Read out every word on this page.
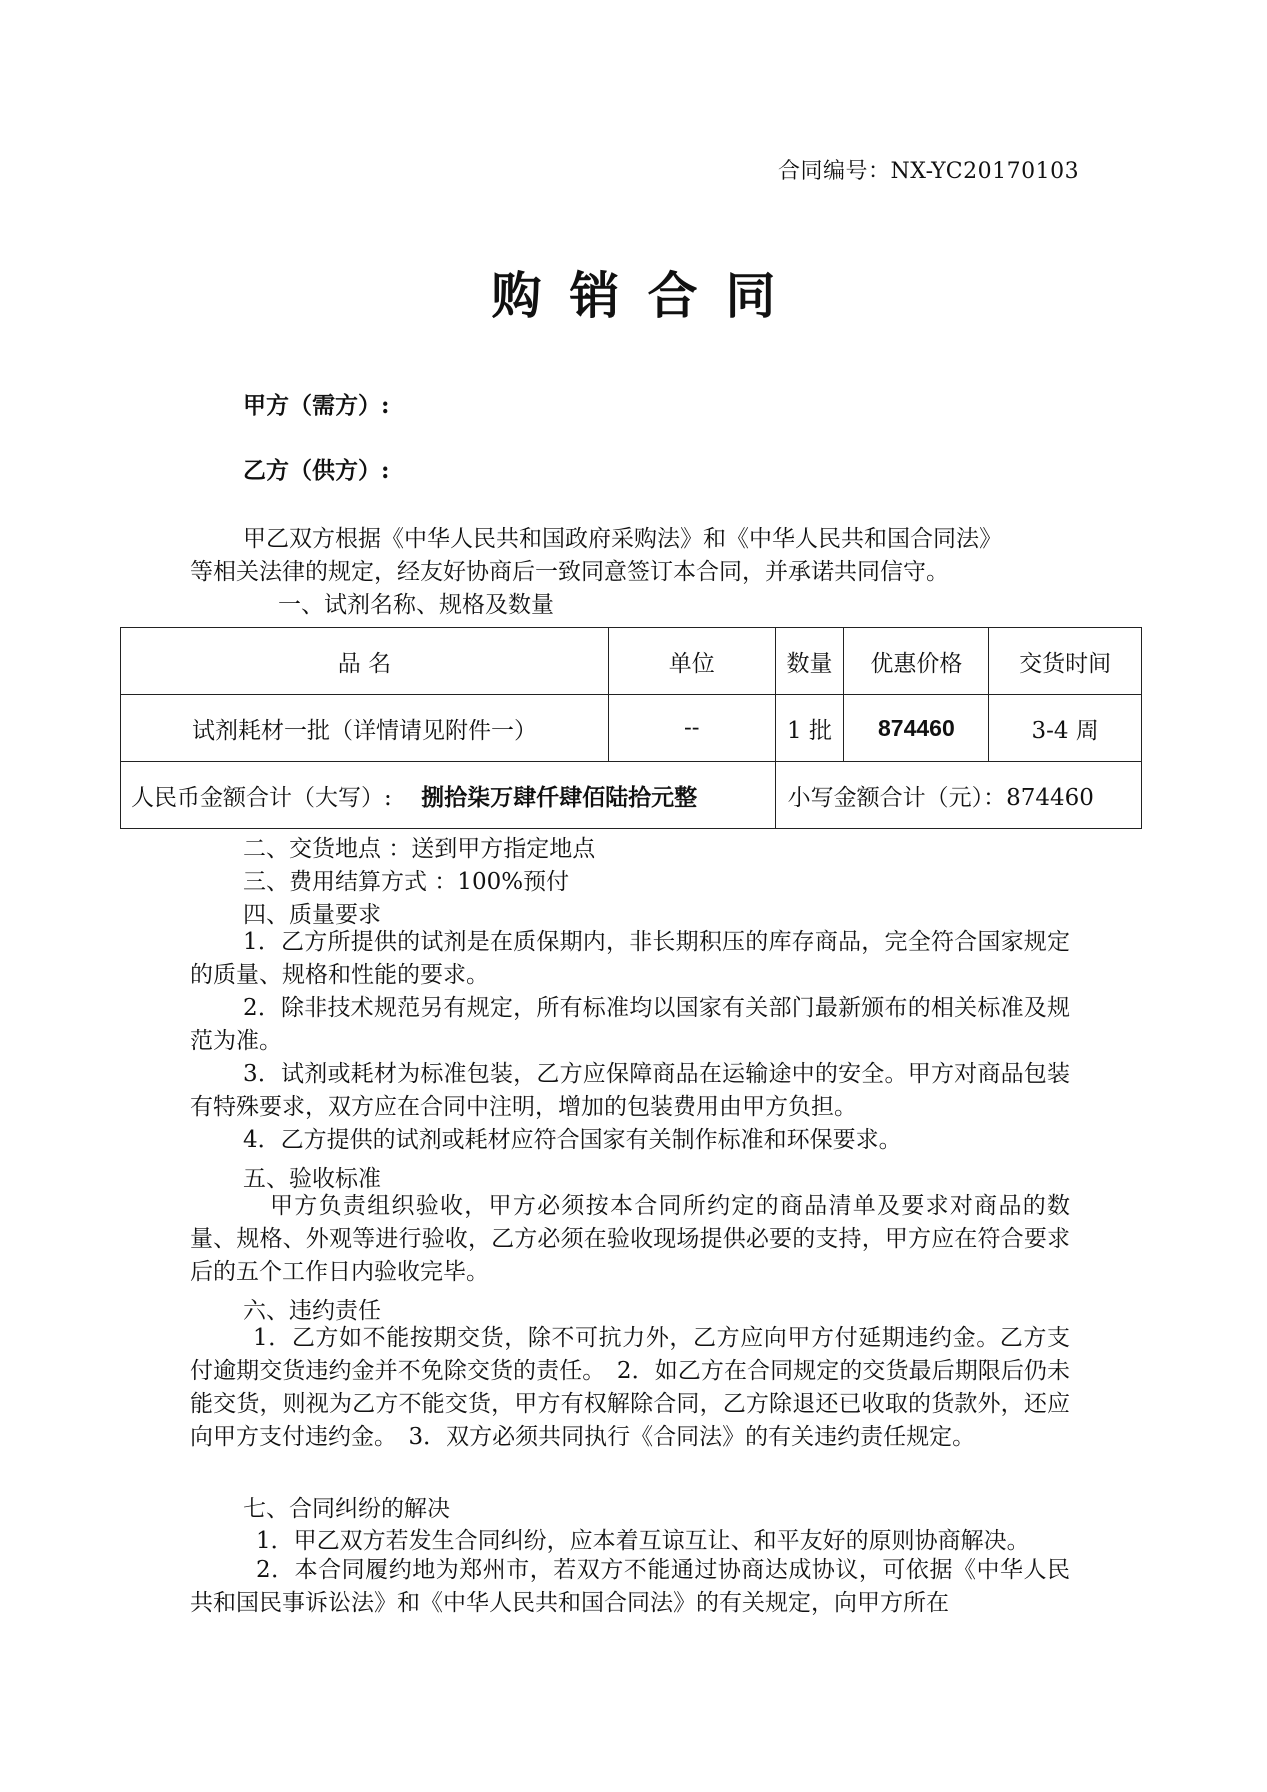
合同编号：NX-YC20170103
购销合同
甲方（需方）:
乙方（供方）:
甲乙双方根据《中华人民共和国政府采购法》和《中华人民共和国合同法》
等相关法律的规定，经友好协商后一致同意签订本合同，并承诺共同信守。
一、试剂名称、规格及数量
品 名	单位	数量	优惠价格	交货时间
试剂耗材一批（详情请见附件一）	--	1 批	874460	3-4 周
人民币金额合计（大写）: 捌拾柒万肆仟肆佰陆拾元整		小写金额合计（元）：874460		
二、交货地点 ：送到甲方指定地点
三、费用结算方式 ：100%预付
四、质量要求
1．乙方所提供的试剂是在质保期内，非长期积压的库存商品，完全符合国家规定的质量、规格和性能的要求。
2．除非技术规范另有规定，所有标准均以国家有关部门最新颁布的相关标准及规范为准。
3．试剂或耗材为标准包装，乙方应保障商品在运输途中的安全。甲方对商品包装有特殊要求，双方应在合同中注明，增加的包装费用由甲方负担。
4．乙方提供的试剂或耗材应符合国家有关制作标准和环保要求。
五、验收标准
甲方负责组织验收，甲方必须按本合同所约定的商品清单及要求对商品的数量、规格、外观等进行验收，乙方必须在验收现场提供必要的支持，甲方应在符合要求后的五个工作日内验收完毕。
六、违约责任
1．乙方如不能按期交货，除不可抗力外，乙方应向甲方付延期违约金。乙方支付逾期交货违约金并不免除交货的责任。　2．如乙方在合同规定的交货最后期限后仍未能交货，则视为乙方不能交货，甲方有权解除合同，乙方除退还已收取的货款外，还应向甲方支付违约金。　3．双方必须共同执行《合同法》的有关违约责任规定。
七、合同纠纷的解决
1．甲乙双方若发生合同纠纷，应本着互谅互让、和平友好的原则协商解决。
2．本合同履约地为郑州市，若双方不能通过协商达成协议，可依据《中华人民共和国民事诉讼法》和《中华人民共和国合同法》的有关规定，向甲方所在
